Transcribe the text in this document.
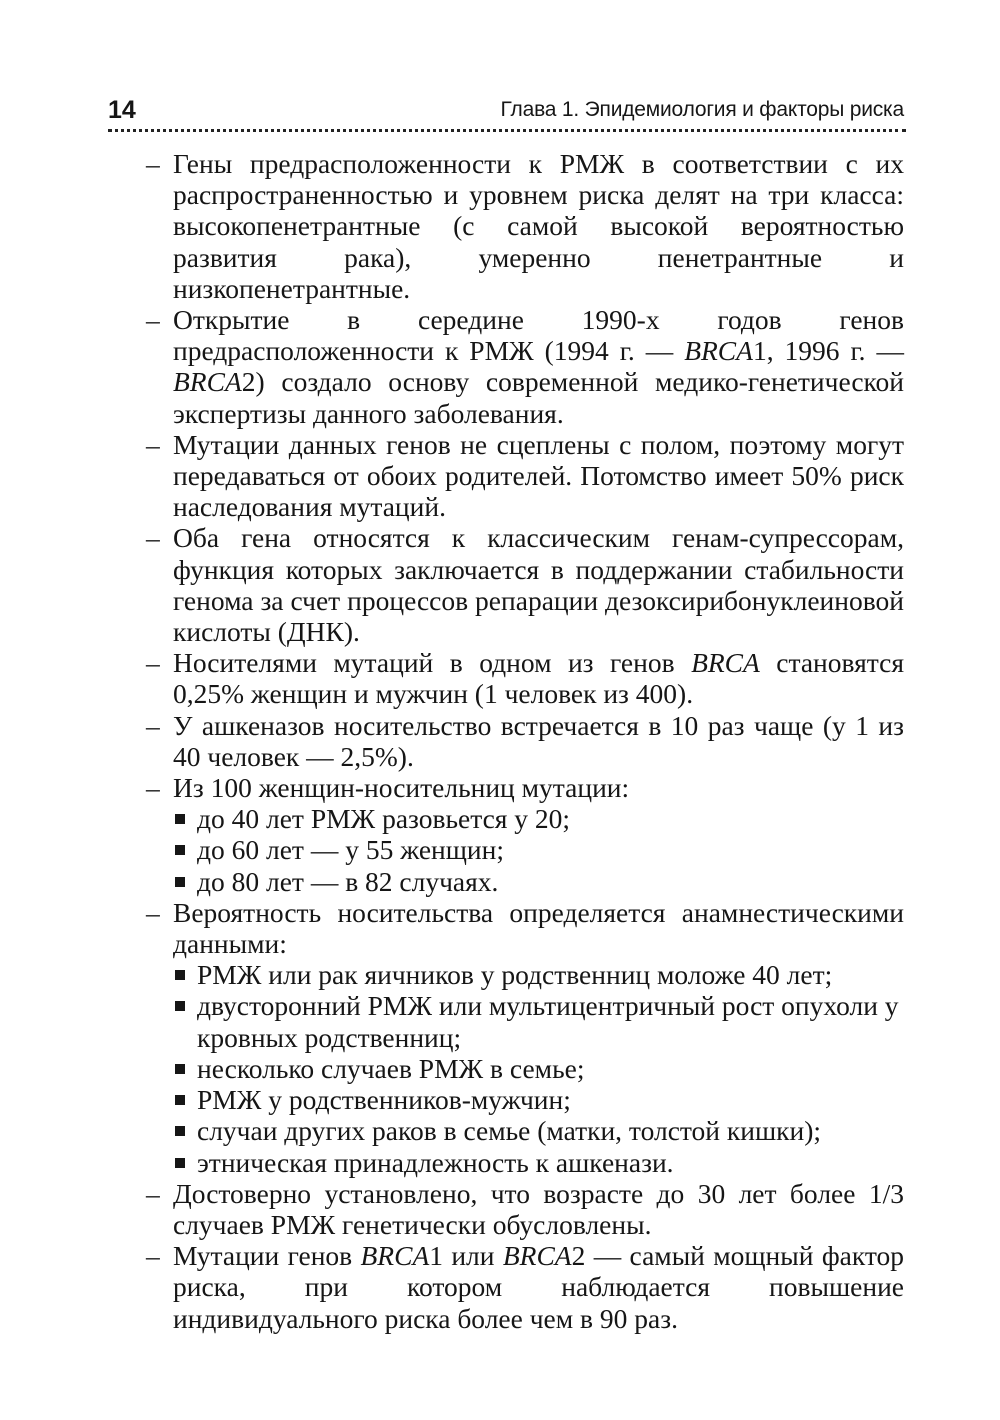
14	Глава 1. Эпидемиология и факторы риска
– Гены предрасположенности к РМЖ в соответствии с их распространенностью и уровнем риска делят на три класса: высокопенетрантные (с самой высокой вероятностью развития рака), умеренно пенетрантные и низкопенетрантные.
– Открытие в середине 1990-х годов генов предрасположенности к РМЖ (1994 г. — BRCA1, 1996 г. — BRCA2) создало основу современной медико-генетической экспертизы данного заболевания.
– Мутации данных генов не сцеплены с полом, поэтому могут передаваться от обоих родителей. Потомство имеет 50% риск наследования мутаций.
– Оба гена относятся к классическим генам-супрессорам, функция которых заключается в поддержании стабильности генома за счет процессов репарации дезоксирибонуклеиновой кислоты (ДНК).
– Носителями мутаций в одном из генов BRCA становятся 0,25% женщин и мужчин (1 человек из 400).
– У ашкеназов носительство встречается в 10 раз чаще (у 1 из 40 человек — 2,5%).
– Из 100 женщин-носительниц мутации:
до 40 лет РМЖ разовьется у 20;
до 60 лет — у 55 женщин;
до 80 лет — в 82 случаях.
– Вероятность носительства определяется анамнестическими данными:
РМЖ или рак яичников у родственниц моложе 40 лет;
двусторонний РМЖ или мультицентричный рост опухоли у кровных родственниц;
несколько случаев РМЖ в семье;
РМЖ у родственников-мужчин;
случаи других раков в семье (матки, толстой кишки);
этническая принадлежность к ашкенази.
– Достоверно установлено, что возрасте до 30 лет более 1/3 случаев РМЖ генетически обусловлены.
– Мутации генов BRCA1 или BRCA2 — самый мощный фактор риска, при котором наблюдается повышение индивидуального риска более чем в 90 раз.
